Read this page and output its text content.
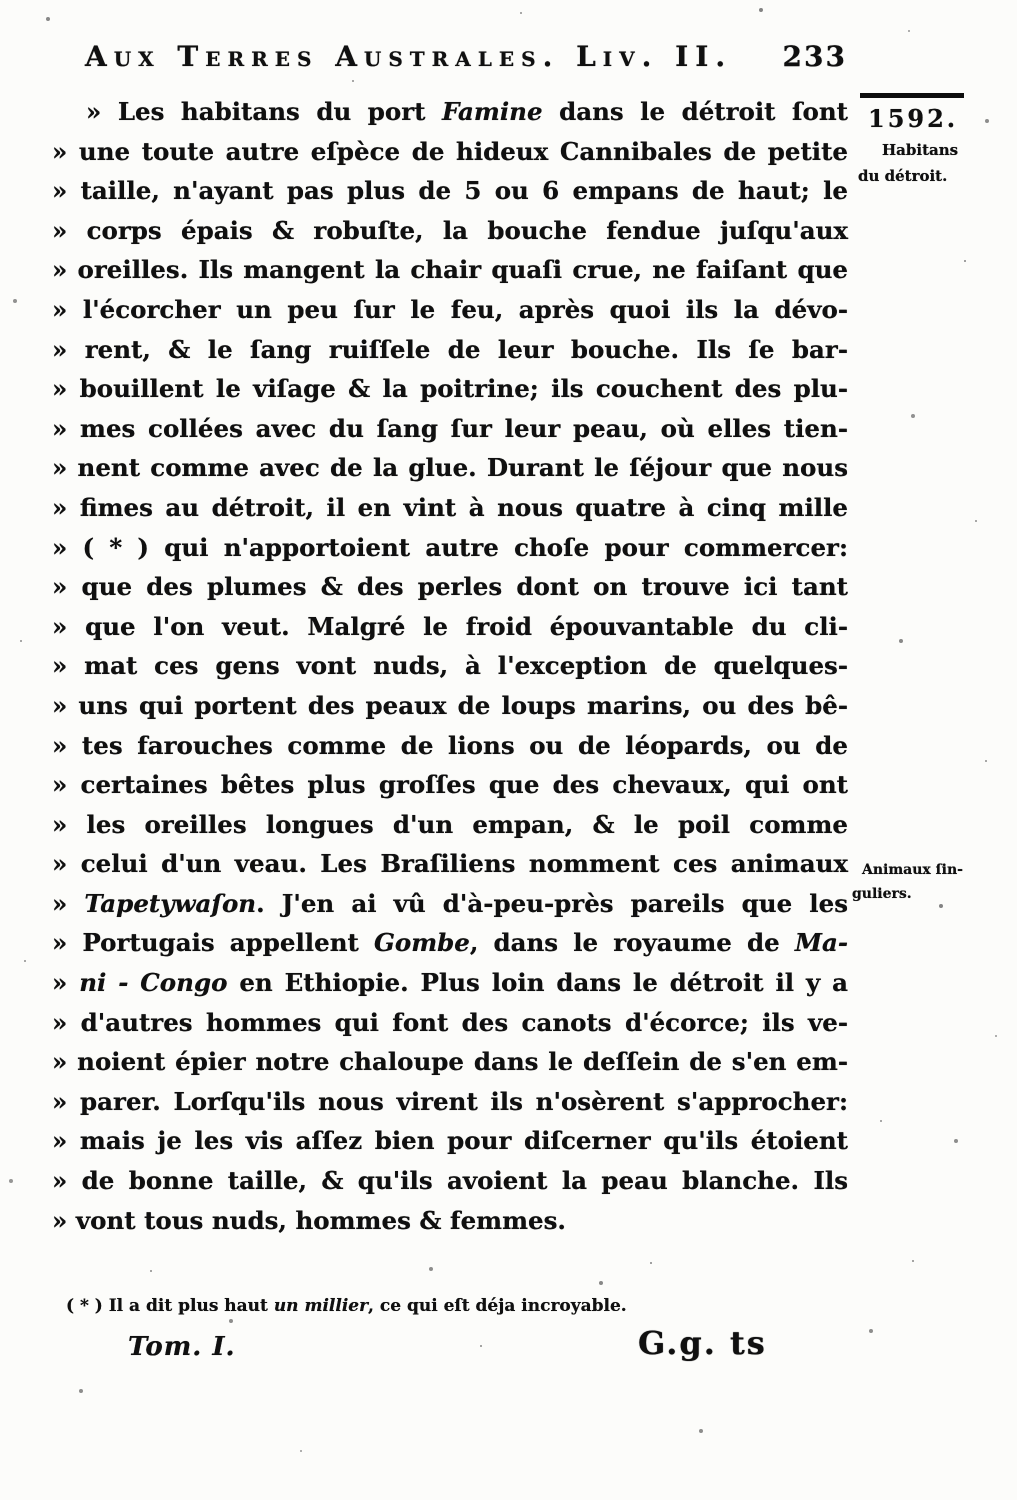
Aux Terres Australes. Liv. II. 233
1592.
Habitans
du détroit.
Animaux ſin-
guliers.
» Les habitans du port Famine dans le détroit ſont
» une toute autre eſpèce de hideux Cannibales de petite
» taille, n'ayant pas plus de 5 ou 6 empans de haut; le
» corps épais & robuſte, la bouche fendue juſqu'aux
» oreilles. Ils mangent la chair quaſi crue, ne faiſant que
» l'écorcher un peu ſur le feu, après quoi ils la dévo-
» rent, & le ſang ruiſſele de leur bouche. Ils ſe bar-
» bouillent le viſage & la poitrine; ils couchent des plu-
» mes collées avec du ſang ſur leur peau, où elles tien-
» nent comme avec de la glue. Durant le ſéjour que nous
» fimes au détroit, il en vint à nous quatre à cinq mille
» ( * ) qui n'apportoient autre choſe pour commercer:
» que des plumes & des perles dont on trouve ici tant
» que l'on veut. Malgré le froid épouvantable du cli-
» mat ces gens vont nuds, à l'exception de quelques-
» uns qui portent des peaux de loups marins, ou des bê-
» tes farouches comme de lions ou de léopards, ou de
» certaines bêtes plus groſſes que des chevaux, qui ont
» les oreilles longues d'un empan, & le poil comme
» celui d'un veau. Les Braſiliens nomment ces animaux
» Tapetywaſon. J'en ai vû d'à-peu-près pareils que les
» Portugais appellent Gombe, dans le royaume de Ma-
» ni - Congo en Ethiopie. Plus loin dans le détroit il y a
» d'autres hommes qui font des canots d'écorce; ils ve-
» noient épier notre chaloupe dans le deſſein de s'en em-
» parer. Lorſqu'ils nous virent ils n'osèrent s'approcher:
» mais je les vis aſſez bien pour diſcerner qu'ils étoient
» de bonne taille, & qu'ils avoient la peau blanche. Ils
» vont tous nuds, hommes & femmes.
( * ) Il a dit plus haut un millier, ce qui eſt déja incroyable.
Tom. I.	G.g. ts
